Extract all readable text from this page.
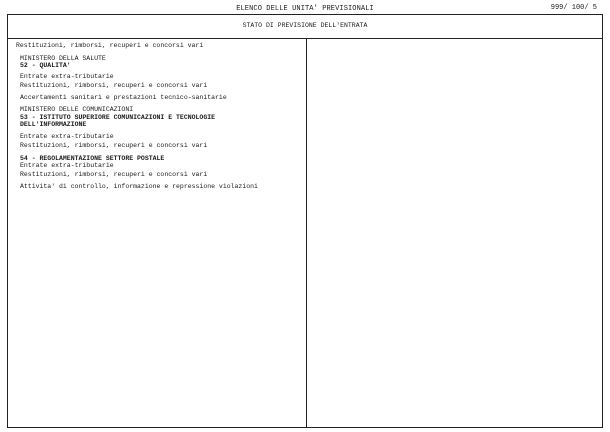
ELENCO DELLE UNITA' PREVISIONALI	999/ 100/ 5
STATO DI PREVISIONE DELL'ENTRATA
Restituzioni, rimborsi, recuperi e concorsi vari
MINISTERO DELLA SALUTE
52 - QUALITA'
Entrate extra-tributarie
Restituzioni, rimborsi, recuperi e concorsi vari
Accertamenti sanitari e prestazioni tecnico-sanitarie
MINISTERO DELLE COMUNICAZIONI
53 - ISTITUTO SUPERIORE COMUNICAZIONI E TECNOLOGIE
DELL'INFORMAZIONE
Entrate extra-tributarie
Restituzioni, rimborsi, recuperi e concorsi vari
54 - REGOLAMENTAZIONE SETTORE POSTALE
Entrate extra-tributarie
Restituzioni, rimborsi, recuperi e concorsi vari
Attivita' di controllo, informazione e repressione violazioni
